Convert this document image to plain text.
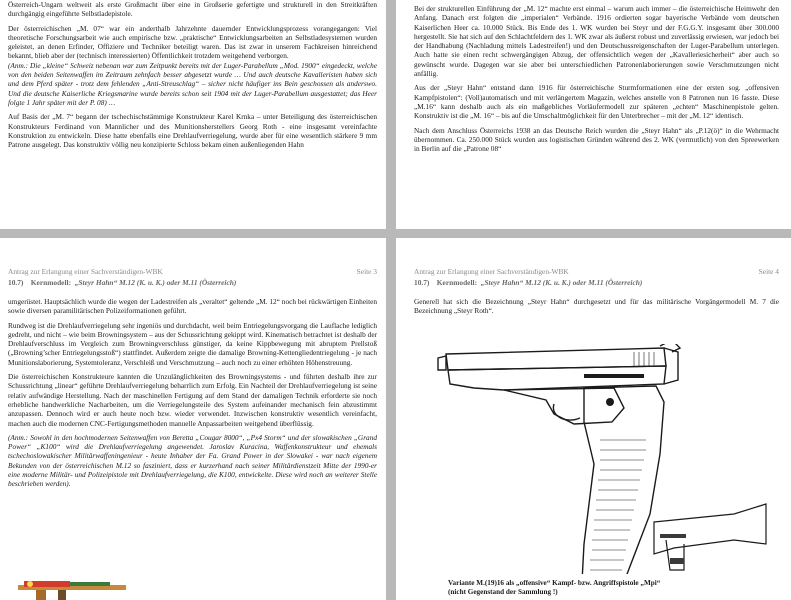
Österreich-Ungarn weltweit als erste Großmacht über eine in Großserie gefertigte und strukturell in den Streitkräften durchgängig eingeführte Selbstladepistole.

Der österreichischen „M. 07“ war ein anderthalb Jahrzehnte dauernder Entwicklungsprozess vorangegangen: Viel theoretische Forschungsarbeit wie auch empirische bzw. „praktische“ Entwicklungsarbeiten an Selbstladesystemen wurden geleistet, an denen Erfinder, Offiziere und Techniker beteiligt waren. Das ist zwar in unserem Fachkreisen hinreichend bekannt, blieb aber der (technisch interessierten) Öffentlichkeit trotzdem weitgehend verborgen.

(Anm.: Die „kleine“ Schweiz nebenan war zum Zeitpunkt bereits mit der Luger-Parabellum „Mod. 1900“ eingedeckt, welche von den beiden Seitenwaffen im Zeitraum zehnfach besser abgesetzt wurde … Und auch deutsche Kavalleristen haben sich und dem Pferd später - trotz dem fehlenden „Anti-Streuschlag“ – sicher nicht häufiger ins Bein geschossen als anderswo. Und die deutsche Kaiserliche Kriegsmarine wurde bereits schon seit 1904 mit der Luger-Parabellum ausgestattet; das Heer folgte 1 Jahr später mit der P. 08) …

Auf Basis der „M. 7“ begann der tschechischstämmige Konstrukteur Karel Krnka – unter Beteiligung des österreichischen Konstrukteurs Ferdinand von Mannlicher und des Munitionsherstellers Georg Roth - eine insgesamt vereinfachte Konstruktion zu entwickeln. Diese hatte ebenfalls eine Drehlaufverriegelung, wurde aber für eine wesentlich stärkere 9 mm Patrone ausgelegt. Das konstruktiv völlig neu konzipierte Schloss bekam einen außenliegenden Hahn

Bei der strukturellen Einführung der „M. 12“ machte erst einmal – warum auch immer – die österreichische Heimwehr den Anfang. Danach erst folgten die „imperialen“ Verbände. 1916 ordierten sogar bayerische Verbände vom deutschen Kaiserlichen Heer ca. 10.000 Stück. Bis Ende des 1. WK wurden bei Steyr und der F.G.G.Y. insgesamt über 300.000 hergestellt. Sie hat sich auf den Schlachtfeldern des 1. WK zwar als äußerst robust und zuverlässig erwiesen, war jedoch bei der Handhabung (Nachladung mittels Ladestreifen!) und den Deutschussreigenschaften der Luger-Parabellum unterlegen. Auch hatte sie einen recht schwergängigen Abzug, der offensichtlich wegen der „Kavalleriesicherheit“ aber auch so gewünscht wurde. Dagegen war sie aber bei unterschiedlichen Patronenlaborierungen sowie Verschmutzungen nicht anfällig.

Aus der „Steyr Hahn“ entstand dann 1916 für österreichische Sturmformationen eine der ersten sog. „offensiven Kampfpistolen“: (Voll)automatisch und mit verlängertem Magazin, welches anstelle von 8 Patronen nun 16 fasste. Diese „M.16“ kann deshalb auch als ein maßgebliches Vorläufermodell zur späteren „echten“ Maschinenpistole gelten. Konstruktiv ist die „M. 16“ – bis auf die Umschaltmöglichkeit für den Unterbrecher – mit der „M. 12“ identisch.

Nach dem Anschluss Österreichs 1938 an das Deutsche Reich wurden die „Steyr Hahn“ als „P.12(ö)“ in die Wehrmacht übernommen. Ca. 250.000 Stück wurden aus logistischen Gründen während des 2. WK (vermutlich) von den Spreewerken in Berlin auf die „Patrone 08“

Antrag zur Erlangung einer Sachverständigen-WBK	Seite 3
10.7) Kernmodell: „Steyr Hahn“ M.12 (K. u. K.) oder M.11 (Österreich)

umgerüstet. Hauptsächlich wurde die wegen der Ladestreifen als „veraltet“ geltende „M. 12“ noch bei rückwärtigen Einheiten sowie diversen paramilitärischen Polizeiformationen geführt.

Rundweg ist die Drehlaufverriegelung sehr ingeniös und durchdacht, weil beim Entriegelungsvorgang die Lauflache lediglich gedreht, und nicht – wie beim Browningsystem – aus der Schussrichtung gekippt wird. Kinematisch betrachtet ist deshalb der Drehlaufverschluss im Vergleich zum Browningverschluss günstiger, da keine Kippbewegung mit abruptem Prellstoß („Browning’scher Entriegelungsstoß“) stattfindet. Außerdem zeigte die damalige Browning-Kettengliedentriegelung - je nach Munitionslaborierung, Systemtoleranz, Verschleiß und Verschmutzung – auch noch zu einer erhöhten Höhenstreuung.

Die österreichischen Konstrukteure kannten die Unzulänglichkeiten des Browningsystems - und führten deshalb ihre zur Schussrichtung „linear“ geführte Drehlaufverriegelung beharrlich zum Erfolg. Ein Nachteil der Drehlaufverriegelung ist seine relativ aufwändige Herstellung. Nach der maschinellen Fertigung auf dem Stand der damaligen Technik erforderte sie noch erhebliche handwerkliche Nacharbeiten, um die Verriegelungsteile des System aufeinander mechanisch fein abzustimmt anzupassen. Dennoch wird er auch heute noch bzw. wieder verwendet. Inzwischen konstruktiv wesentlich vereinfacht, machen auch die modernen CNC-Fertigungsmethoden manuelle Anpassarbeiten weitgehend überflüssig.

(Anm.: Sowohl in den hochmodernen Seitenwaffen von Beretta „Cougar 8000“, „Px4 Storm“ und der slowakischen „Grand Power“ „K100“ wird die Drehlaufverriegelung angewendet. Jaroslav Kuracina, Waffenkonstrukteur und ehemals tschechoslowakischer Militärwaffeningenieur - heute Inhaber der Fa. Grand Power in der Slowakei - war nach eigenem Bekunden von der österreichischen M.12 so fasziniert, dass er kurzerhand nach seiner Militärdienstzeit Mitte der 1990-er eine moderne Militär- und Polizeipistole mit Drehlaufverriegelung, die K100, entwickelte. Diese wird noch an weiterer Stelle beschrieben werden).

Antrag zur Erlangung einer Sachverständigen-WBK	Seite 4
10.7) Kernmodell: „Steyr Hahn“ M.12 (K. u. K.) oder M.11 (Österreich)

Generell hat sich die Bezeichnung „Steyr Hahn“ durchgesetzt und für das militärische Vorgängermodell M. 7 die Bezeichnung „Steyr Roth“.

Variante M.(19)16 als „offensive“ Kampf- bzw. Angriffspistole „Mpi“
(nicht Gegenstand der Sammlung !)
